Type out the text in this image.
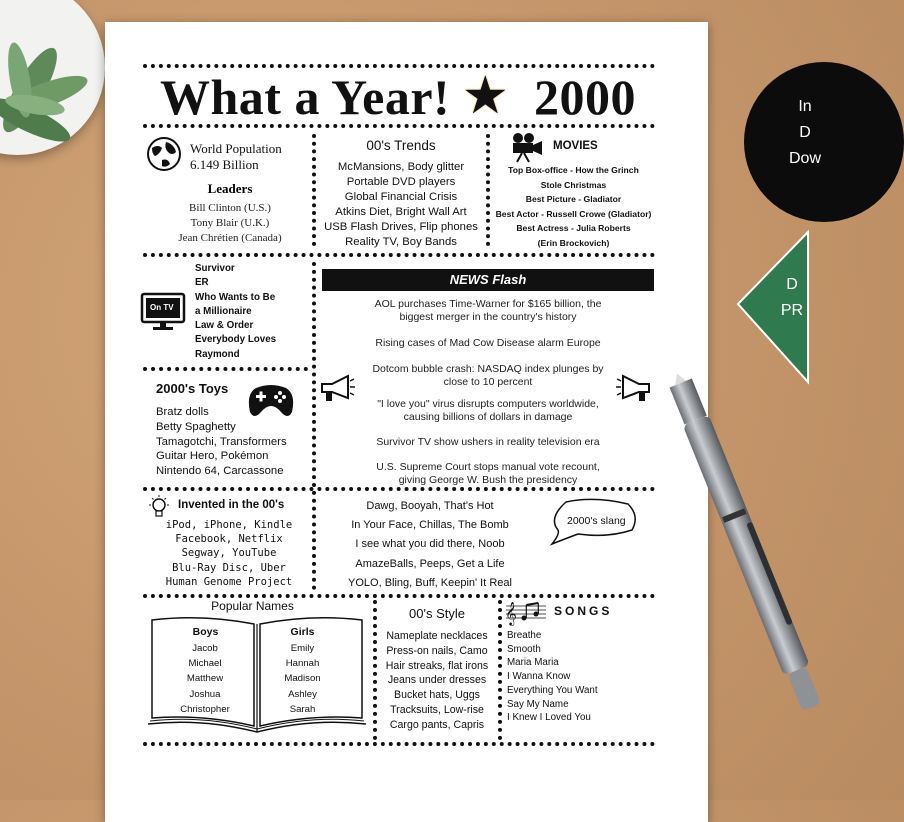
In
D
Dow
D
PR
What a Year! ★ 2000
World Population
6.149 Billion
Leaders
Bill Clinton (U.S.)
Tony Blair (U.K.)
Jean Chrétien (Canada)
00's Trends
McMansions, Body glitter
Portable DVD players
Global Financial Crisis
Atkins Diet, Bright Wall Art
USB Flash Drives, Flip phones
Reality TV, Boy Bands
MOVIES
Top Box-office - How the Grinch
Stole Christmas
Best Picture - Gladiator
Best Actor - Russell Crowe (Gladiator)
Best Actress - Julia Roberts
(Erin Brockovich)
On TV
Survivor
ER
Who Wants to Be
a Millionaire
Law & Order
Everybody Loves
Raymond
NEWS Flash

AOL purchases Time-Warner for $165 billion, the
biggest merger in the country's history

Rising cases of Mad Cow Disease alarm Europe

Dotcom bubble crash: NASDAQ index plunges by
close to 10 percent

"I love you" virus disrupts computers worldwide,
causing billions of dollars in damage

Survivor TV show ushers in reality television era

U.S. Supreme Court stops manual vote recount,
giving George W. Bush the presidency

2000's Toys
Bratz dolls
Betty Spaghetty
Tamagotchi, Transformers
Guitar Hero, Pokémon
Nintendo 64, Carcassone
Invented in the 00's
iPod, iPhone, Kindle
Facebook, Netflix
Segway, YouTube
Blu-Ray Disc, Uber
Human Genome Project
Dawg, Booyah, That's Hot
In Your Face, Chillas, The Bomb
I see what you did there, Noob
AmazeBalls, Peeps, Get a Life
YOLO, Bling, Buff, Keepin' It Real
2000's slang
Popular Names
Boys
Jacob
Michael
Matthew
Joshua
Christopher
Girls
Emily
Hannah
Madison
Ashley
Sarah
00's Style
Nameplate necklaces
Press-on nails, Camo
Hair streaks, flat irons
Jeans under dresses
Bucket hats, Uggs
Tracksuits, Low-rise
Cargo pants, Capris
𝄞	SONGS
Breathe
Smooth
Maria Maria
I Wanna Know
Everything You Want
Say My Name
I Knew I Loved You
